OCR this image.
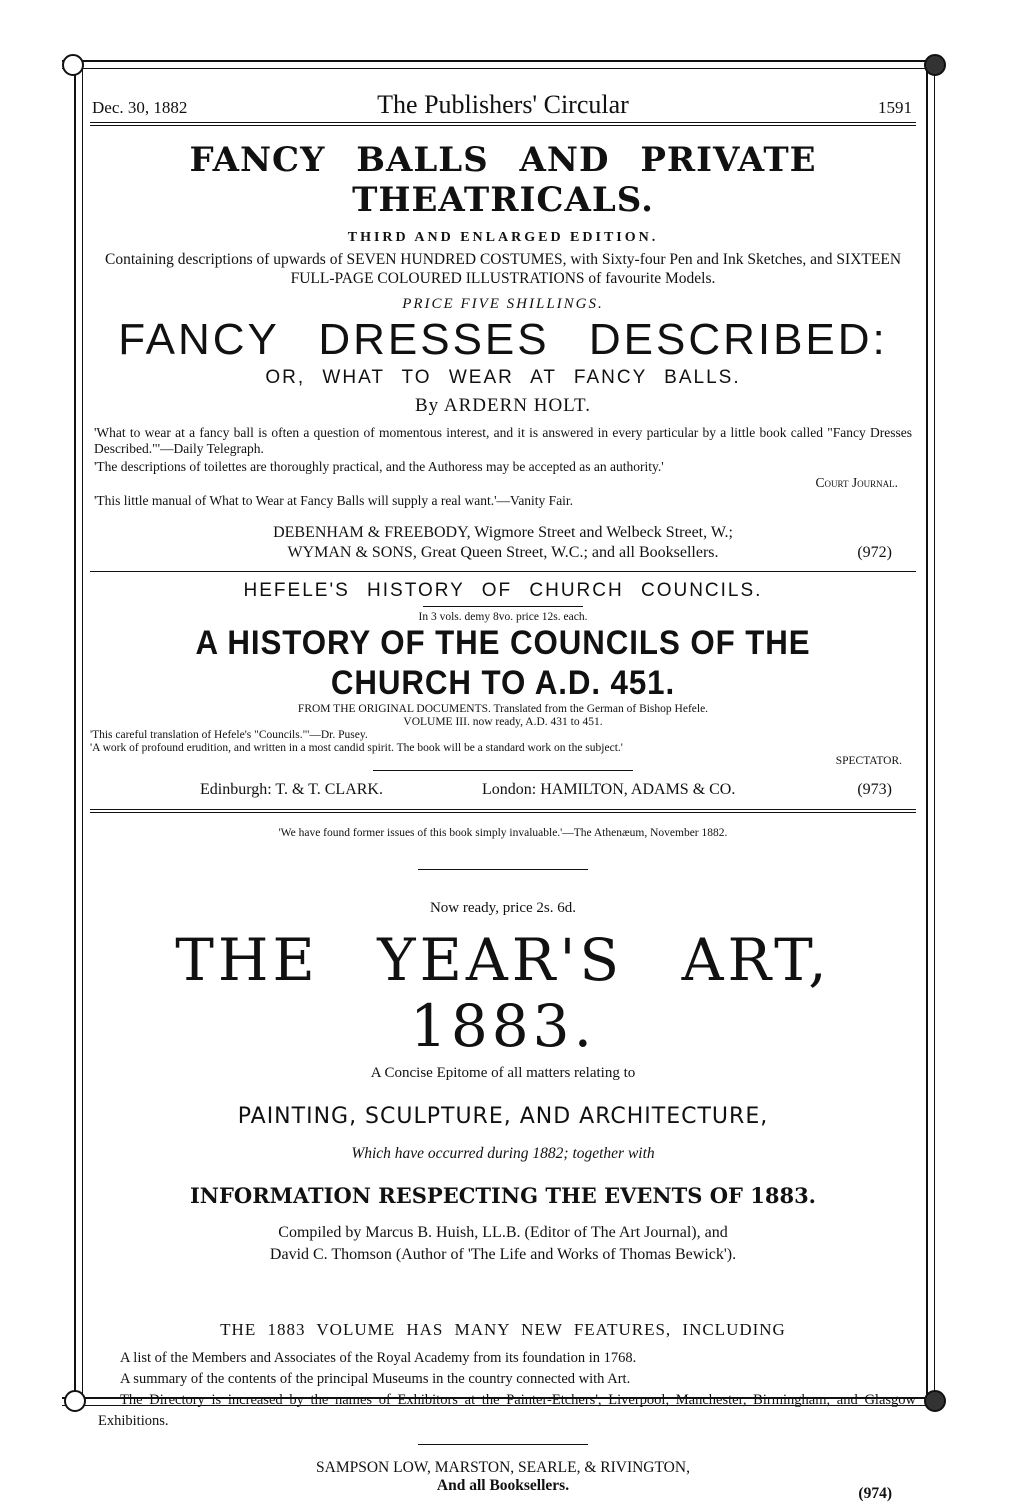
Dec. 30, 1882	The Publishers' Circular	1591
FANCY BALLS AND PRIVATE THEATRICALS.
THIRD AND ENLARGED EDITION.
Containing descriptions of upwards of SEVEN HUNDRED COSTUMES, with Sixty-four Pen and Ink Sketches, and SIXTEEN FULL-PAGE COLOURED ILLUSTRATIONS of favourite Models.
PRICE FIVE SHILLINGS.
FANCY DRESSES DESCRIBED:
OR, WHAT TO WEAR AT FANCY BALLS.
By ARDERN HOLT.
'What to wear at a fancy ball is often a question of momentous interest, and it is answered in every particular by a little book called "Fancy Dresses Described."'—Daily Telegraph.
'The descriptions of toilettes are thoroughly practical, and the Authoress may be accepted as an authority.'
Court Journal.
'This little manual of What to Wear at Fancy Balls will supply a real want.'—Vanity Fair.
DEBENHAM & FREEBODY, Wigmore Street and Welbeck Street, W.;
WYMAN & SONS, Great Queen Street, W.C.; and all Booksellers.	(972)
HEFELE'S HISTORY OF CHURCH COUNCILS.
In 3 vols. demy 8vo. price 12s. each.
A HISTORY OF THE COUNCILS OF THE CHURCH TO A.D. 451.
FROM THE ORIGINAL DOCUMENTS. Translated from the German of Bishop Hefele.
VOLUME III. now ready, A.D. 431 to 451.
'This careful translation of Hefele's "Councils."'—Dr. Pusey.
'A work of profound erudition, and written in a most candid spirit. The book will be a standard work on the subject.'
SPECTATOR.
Edinburgh: T. & T. CLARK.	London: HAMILTON, ADAMS & CO.	(973)
'We have found former issues of this book simply invaluable.'—The Athenæum, November 1882.
Now ready, price 2s. 6d.
THE YEAR'S ART, 1883.
A Concise Epitome of all matters relating to
PAINTING, SCULPTURE, AND ARCHITECTURE,
Which have occurred during 1882; together with
INFORMATION RESPECTING THE EVENTS OF 1883.
Compiled by Marcus B. Huish, LL.B. (Editor of The Art Journal), and
David C. Thomson (Author of 'The Life and Works of Thomas Bewick').
THE 1883 VOLUME HAS MANY NEW FEATURES, INCLUDING
A list of the Members and Associates of the Royal Academy from its foundation in 1768.
A summary of the contents of the principal Museums in the country connected with Art.
The Directory is increased by the names of Exhibitors at the Painter-Etchers', Liverpool, Manchester, Birmingham, and Glasgow Exhibitions.
SAMPSON LOW, MARSTON, SEARLE, & RIVINGTON,
And all Booksellers.	(974)
